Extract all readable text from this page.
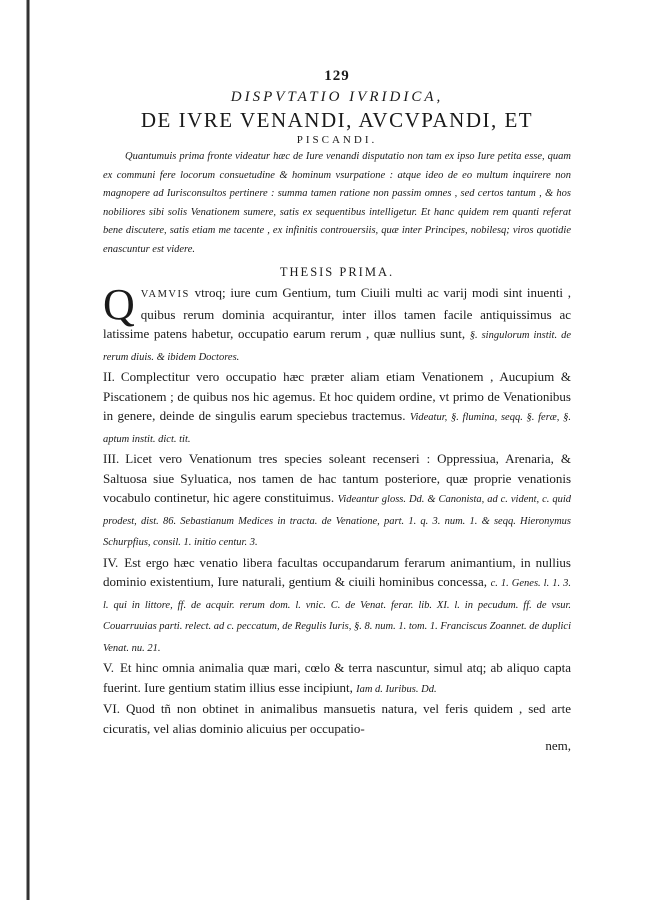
129
DISPVTATIO IVRIDICA,
DE IVRE VENANDI, AVCVPANDI, ET
PISCANDI.

Quantumuis prima fronte videatur hæc de Iure venandi disputatio non tam ex ipso Iure petita esse, quam ex communi fere locorum consuetudine & hominum vsurpatione : atque ideo de eo multum inquirere non magnopere ad Iurisconsultos pertinere : summa tamen ratione non passim omnes , sed certos tantum , & hos nobiliores sibi solis Venationem sumere, satis ex sequentibus intelligetur. Et hanc quidem rem quanti referat bene discutere, satis etiam me tacente , ex infinitis controuersiis, quæ inter Principes, nobilesq; viros quotidie enascuntur est videre.

THESIS PRIMA.

QVAMVIS vtroq; iure cum Gentium, tum Ciuili multi ac varij modi sint inuenti , quibus rerum dominia acquirantur, inter illos tamen facile antiquissimus ac latissime patens habetur, occupatio earum rerum , quæ nullius sunt, §. singulorum instit. de rerum diuis. & ibidem Doctores.

II. Complectitur vero occupatio hæc præter aliam etiam Venationem , Aucupium & Piscationem ; de quibus nos hic agemus. Et hoc quidem ordine, vt primo de Venationibus in genere, deinde de singulis earum speciebus tractemus. Videatur, §. flumina, seqq. §. feræ, §. aptum instit. dict. tit.

III. Licet vero Venationum tres species soleant recenseri : Oppressiua, Arenaria, & Saltuosa siue Syluatica, nos tamen de hac tantum posteriore, quæ proprie venationis vocabulo continetur, hic agere constituimus. Videantur gloss. Dd. & Canonista, ad c. vident, c. quid prodest, dist. 86. Sebastianum Medices in tracta. de Venatione, part. 1. q. 3. num. 1. & seqq. Hieronymus Schurpfius, consil. 1. initio centur. 3.

IV. Est ergo hæc venatio libera facultas occupandarum ferarum animantium, in nullius dominio existentium, Iure naturali, gentium & ciuili hominibus concessa, c. 1. Genes. l. 1. 3. l. qui in littore, ff. de acquir. rerum dom. l. vnic. C. de Venat. ferar. lib. XI. l. in pecudum. ff. de vsur. Couarruuias parti. relect. ad c. peccatum, de Regulis Iuris, §. 8. num. 1. tom. 1. Franciscus Zoannet. de duplici Venat. nu. 21.

V. Et hinc omnia animalia quæ mari, cœlo & terra nascuntur, simul atq; ab aliquo capta fuerint. Iure gentium statim illius esse incipiunt, Iam d. Iuribus. Dd.

VI. Quod tñ non obtinet in animalibus mansuetis natura, vel feris quidem , sed arte cicuratis, vel alias dominio alicuius per occupatio-

nem,
